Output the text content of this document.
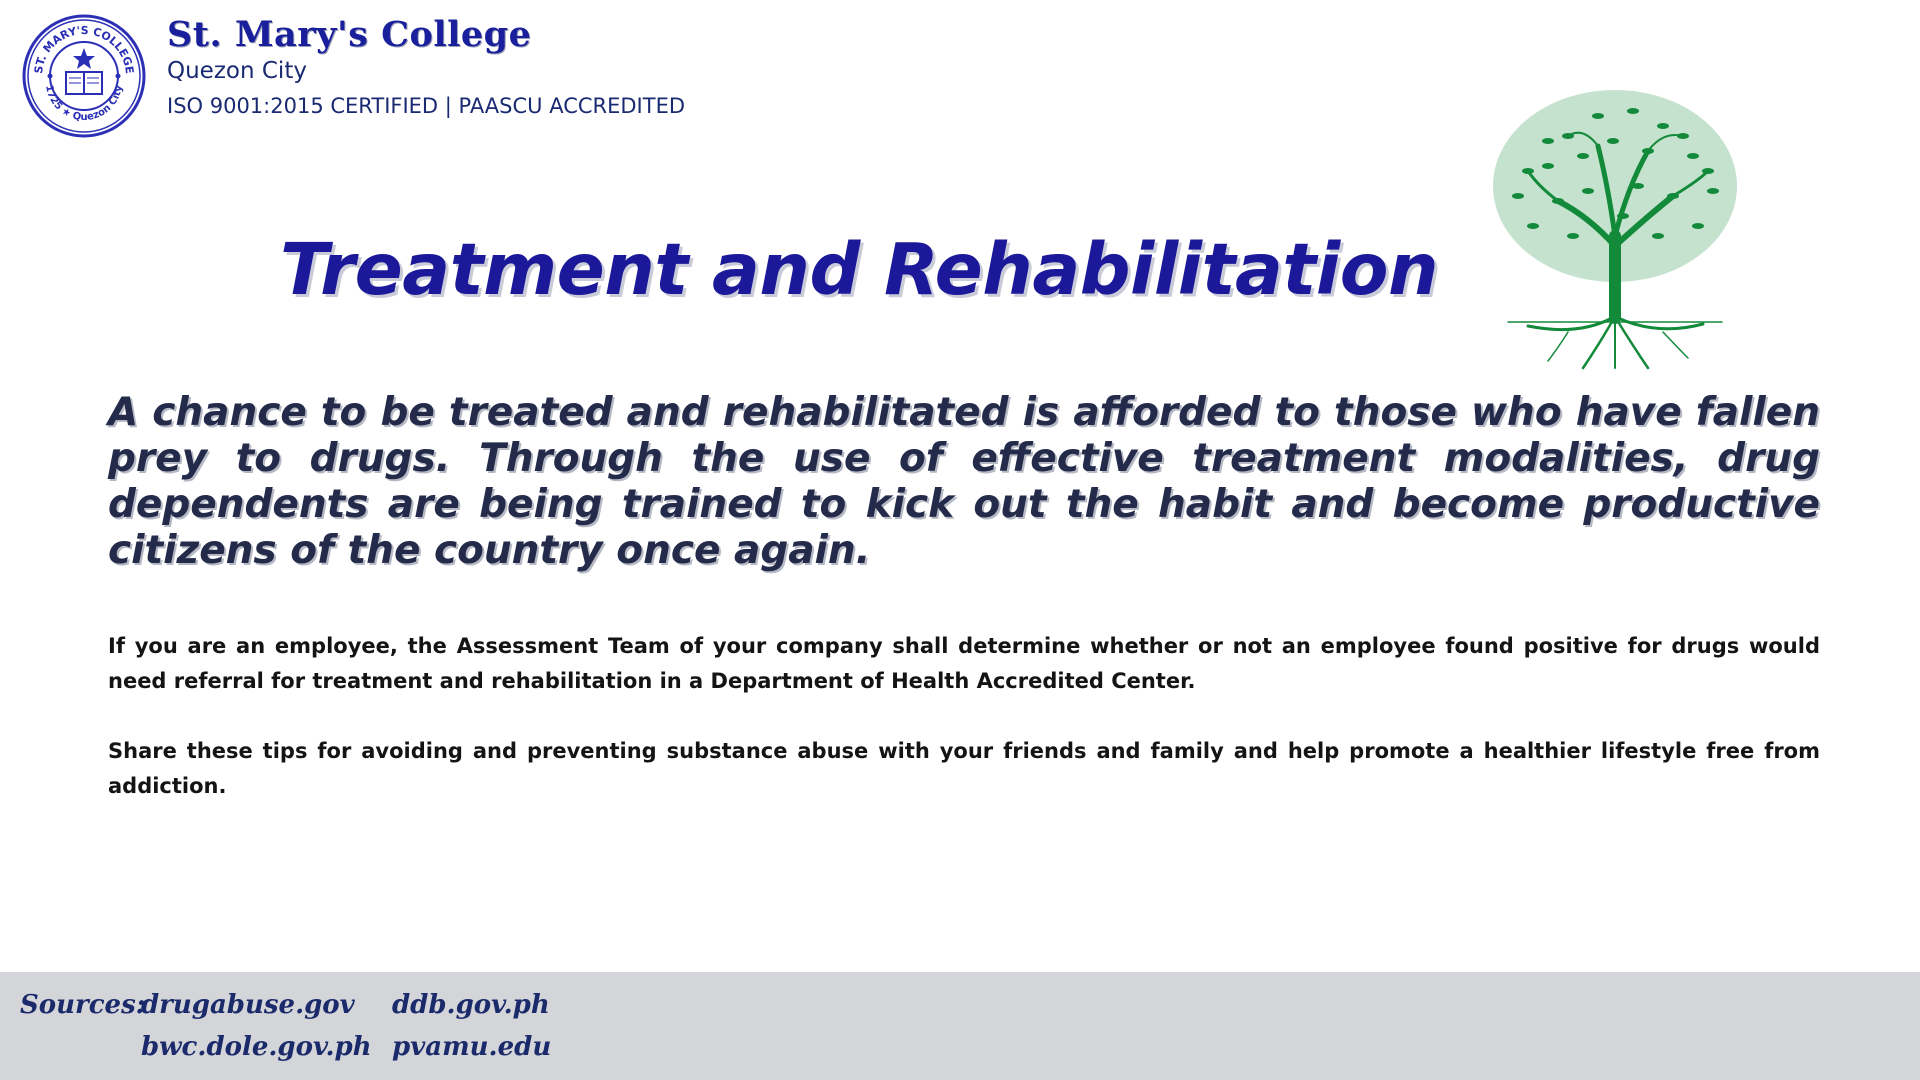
ST. MARY'S COLLEGE
1725 ★ Quezon City
St. Mary's College
Quezon City
ISO 9001:2015 CERTIFIED | PAASCU ACCREDITED
Treatment and Rehabilitation

A chance to be treated and rehabilitated is afforded to those who have fallen prey to drugs. Through the use of effective treatment modalities, drug dependents are being trained to kick out the habit and become productive citizens of the country once again.

If you are an employee, the Assessment Team of your company shall determine whether or not an employee found positive for drugs would need referral for treatment and rehabilitation in a Department of Health Accredited Center.

Share these tips for avoiding and preventing substance abuse with your friends and family and help promote a healthier lifestyle free from addiction.

Sources:
drugabuse.gov ddb.gov.ph
bwc.dole.gov.ph pvamu.edu
